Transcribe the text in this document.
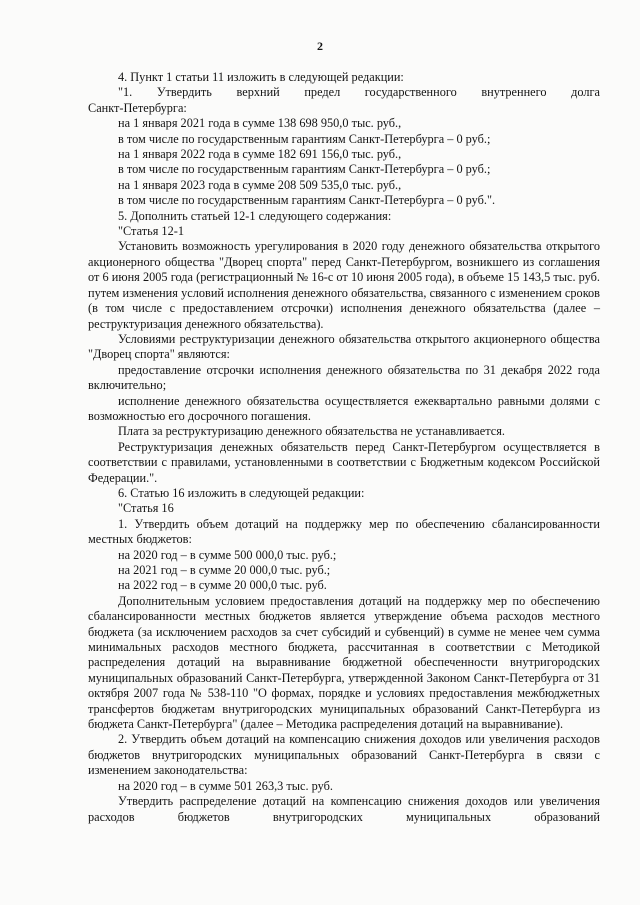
2

4. Пункт 1 статьи 11 изложить в следующей редакции:

"1. Утвердить верхний предел государственного внутреннего долга

Санкт-Петербурга:

на 1 января 2021 года в сумме 138 698 950,0 тыс. руб.,

в том числе по государственным гарантиям Санкт-Петербурга – 0 руб.;

на 1 января 2022 года в сумме 182 691 156,0 тыс. руб.,

в том числе по государственным гарантиям Санкт-Петербурга – 0 руб.;

на 1 января 2023 года в сумме 208 509 535,0 тыс. руб.,

в том числе по государственным гарантиям Санкт-Петербурга – 0 руб.".

5. Дополнить статьей 12-1 следующего содержания:

"Статья 12-1

Установить возможность урегулирования в 2020 году денежного обязательства открытого акционерного общества "Дворец спорта" перед Санкт-Петербургом, возникшего из соглашения от 6 июня 2005 года (регистрационный № 16-с от 10 июня 2005 года), в объеме 15 143,5 тыс. руб. путем изменения условий исполнения денежного обязательства, связанного с изменением сроков (в том числе с предоставлением отсрочки) исполнения денежного обязательства (далее – реструктуризация денежного обязательства).

Условиями реструктуризации денежного обязательства открытого акционерного общества "Дворец спорта" являются:

предоставление отсрочки исполнения денежного обязательства по 31 декабря 2022 года включительно;

исполнение денежного обязательства осуществляется ежеквартально равными долями с возможностью его досрочного погашения.

Плата за реструктуризацию денежного обязательства не устанавливается.

Реструктуризация денежных обязательств перед Санкт-Петербургом осуществляется в соответствии с правилами, установленными в соответствии с Бюджетным кодексом Российской Федерации.".

6. Статью 16 изложить в следующей редакции:

"Статья 16

1. Утвердить объем дотаций на поддержку мер по обеспечению сбалансированности местных бюджетов:

на 2020 год – в сумме 500 000,0 тыс. руб.;

на 2021 год – в сумме 20 000,0 тыс. руб.;

на 2022 год – в сумме 20 000,0 тыс. руб.

Дополнительным условием предоставления дотаций на поддержку мер по обеспечению сбалансированности местных бюджетов является утверждение объема расходов местного бюджета (за исключением расходов за счет субсидий и субвенций) в сумме не менее чем сумма минимальных расходов местного бюджета, рассчитанная в соответствии с Методикой распределения дотаций на выравнивание бюджетной обеспеченности внутригородских муниципальных образований Санкт-Петербурга, утвержденной Законом Санкт-Петербурга от 31 октября 2007 года № 538-110 "О формах, порядке и условиях предоставления межбюджетных трансфертов бюджетам внутригородских муниципальных образований Санкт-Петербурга из бюджета Санкт-Петербурга" (далее – Методика распределения дотаций на выравнивание).

2. Утвердить объем дотаций на компенсацию снижения доходов или увеличения расходов бюджетов внутригородских муниципальных образований Санкт-Петербурга в связи с изменением законодательства:

на 2020 год – в сумме 501 263,3 тыс. руб.

Утвердить распределение дотаций на компенсацию снижения доходов или увеличения расходов бюджетов внутригородских муниципальных образований
